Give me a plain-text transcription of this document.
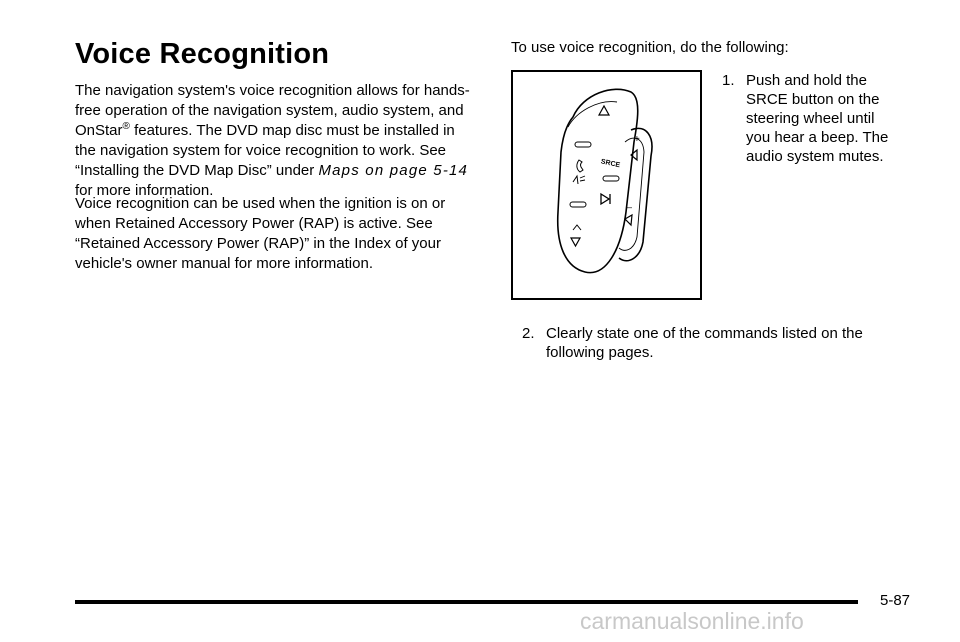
Voice Recognition

The navigation system's voice recognition allows for hands-free operation of the navigation system, audio system, and OnStar® features. The DVD map disc must be installed in the navigation system for voice recognition to work. See “Installing the DVD Map Disc” under Maps on page 5‑14 for more information.

Voice recognition can be used when the ignition is on or when Retained Accessory Power (RAP) is active. See “Retained Accessory Power (RAP)” in the Index of your vehicle's owner manual for more information.

To use voice recognition, do the following:

SRCE
+
–
1. Push and hold the SRCE button on the steering wheel until you hear a beep. The audio system mutes.
2. Clearly state one of the commands listed on the following pages.

5-87

carmanualsonline.info
